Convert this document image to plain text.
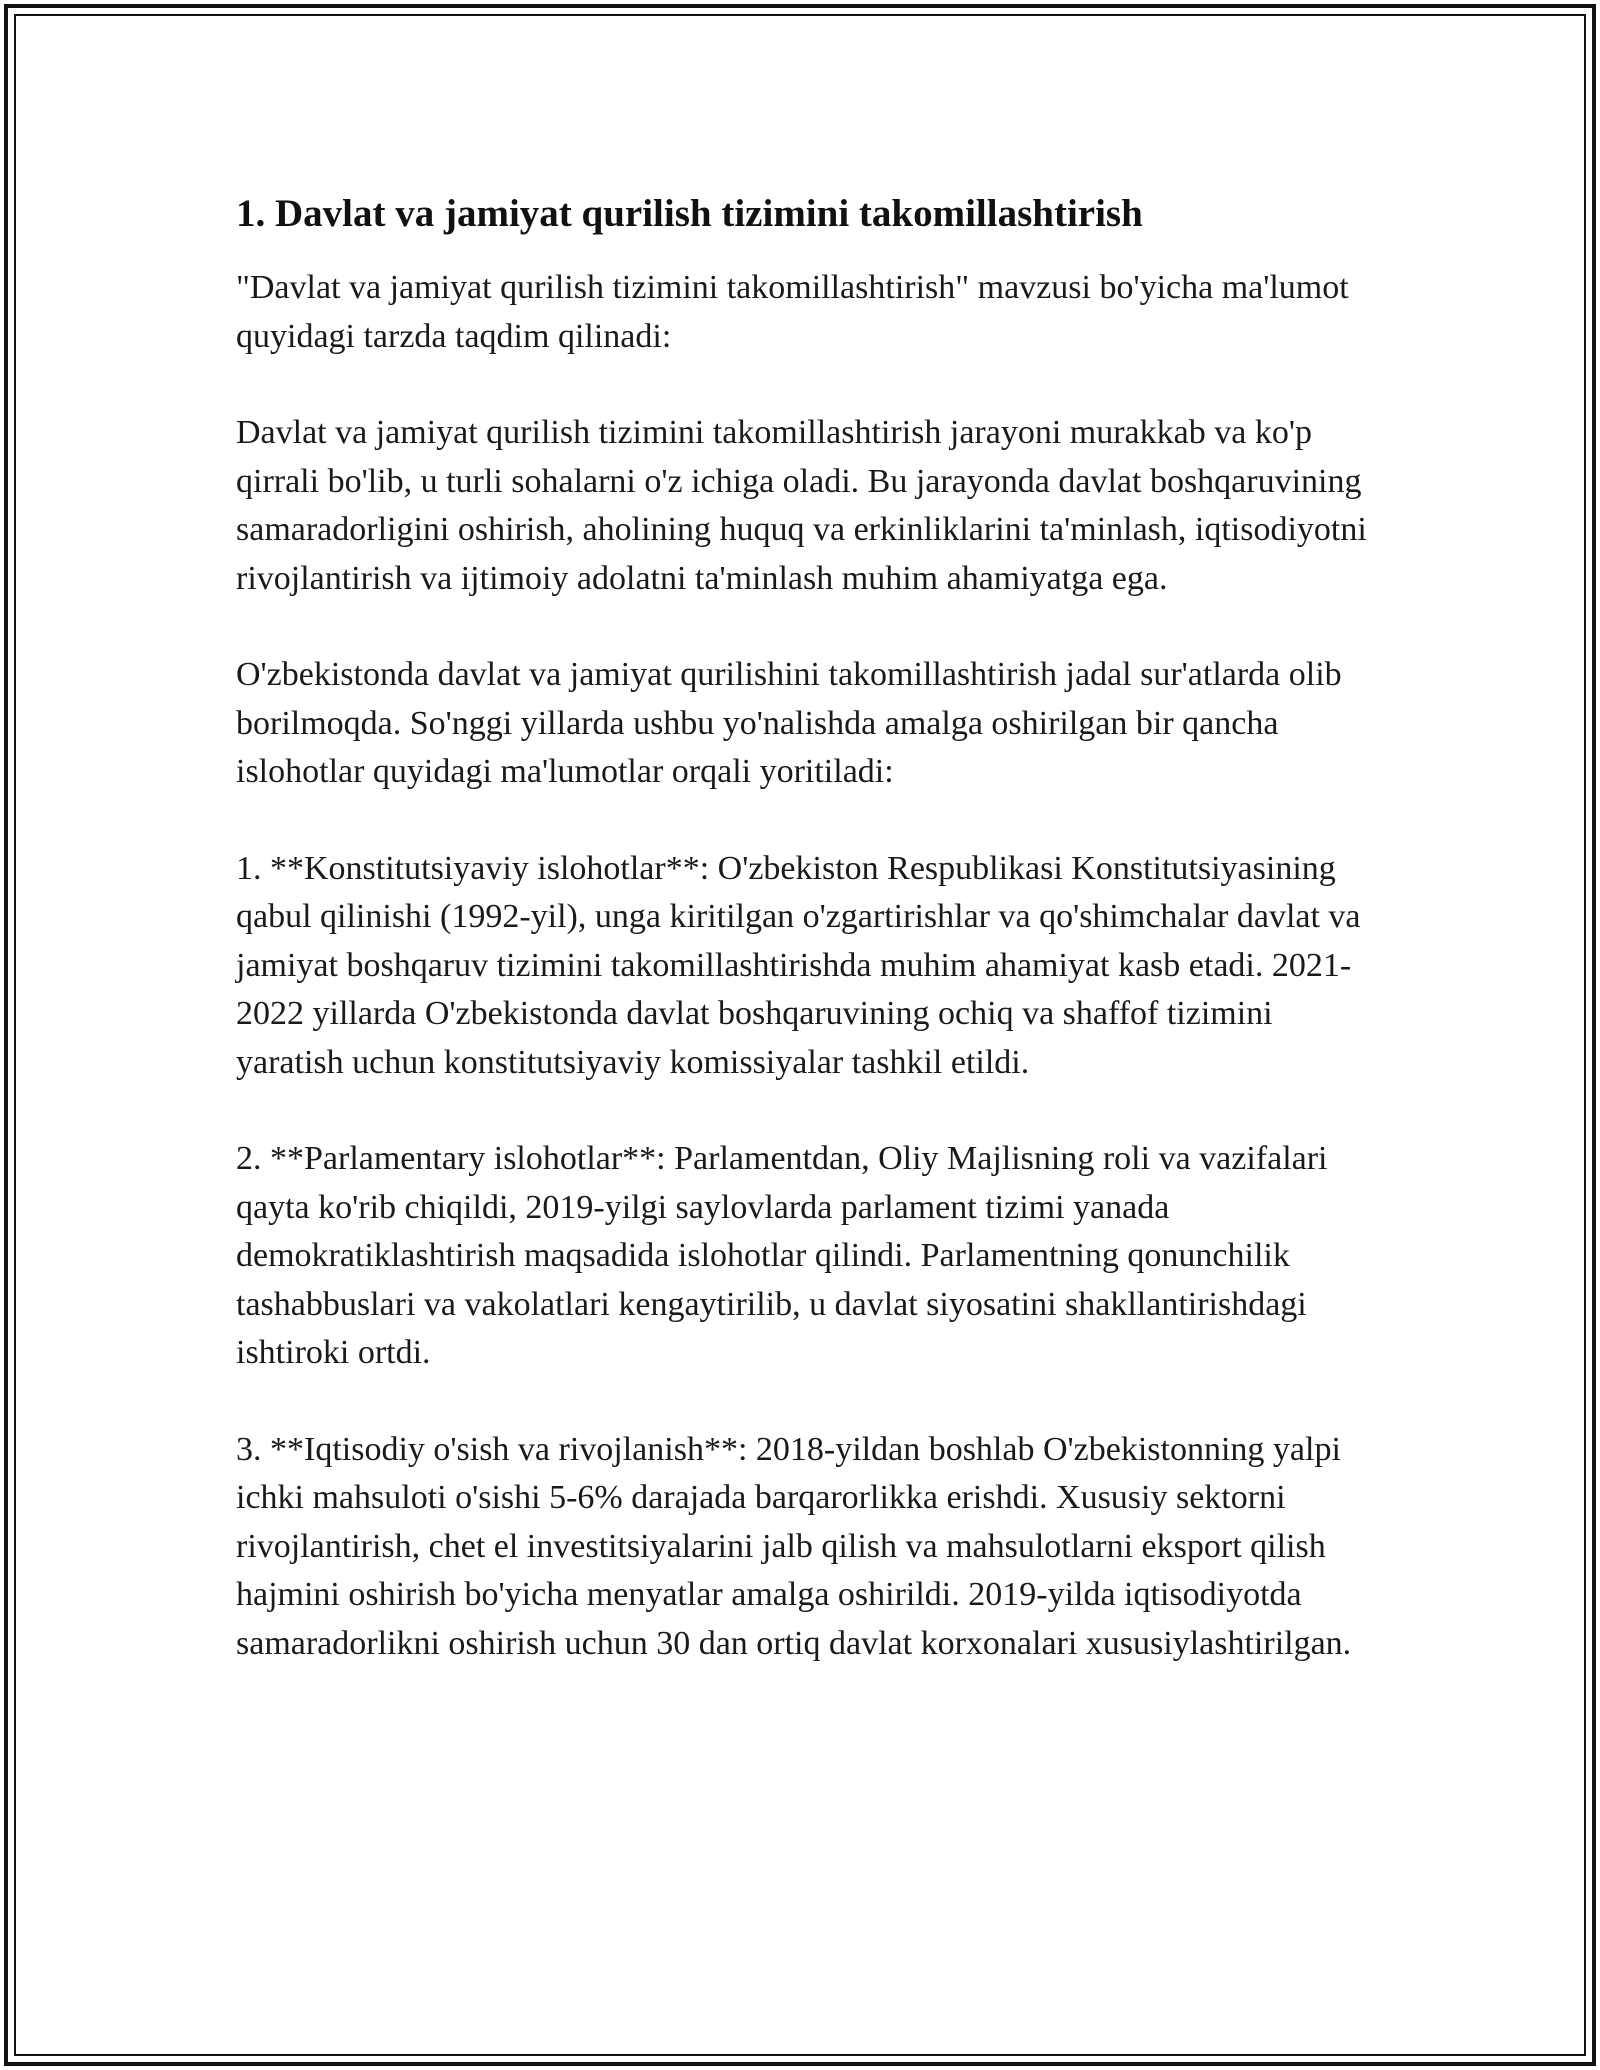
1. Davlat va jamiyat qurilish tizimini takomillashtirish

"Davlat va jamiyat qurilish tizimini takomillashtirish" mavzusi bo'yicha ma'lumot quyidagi tarzda taqdim qilinadi:

Davlat va jamiyat qurilish tizimini takomillashtirish jarayoni murakkab va ko'p qirrali bo'lib, u turli sohalarni o'z ichiga oladi. Bu jarayonda davlat boshqaruvining samaradorligini oshirish, aholining huquq va erkinliklarini ta'minlash, iqtisodiyotni rivojlantirish va ijtimoiy adolatni ta'minlash muhim ahamiyatga ega.

O'zbekistonda davlat va jamiyat qurilishini takomillashtirish jadal sur'atlarda olib borilmoqda. So'nggi yillarda ushbu yo'nalishda amalga oshirilgan bir qancha islohotlar quyidagi ma'lumotlar orqali yoritiladi:

1. **Konstitutsiyaviy islohotlar**: O'zbekiston Respublikasi Konstitutsiyasining qabul qilinishi (1992-yil), unga kiritilgan o'zgartirishlar va qo'shimchalar davlat va jamiyat boshqaruv tizimini takomillashtirishda muhim ahamiyat kasb etadi. 2021-2022 yillarda O'zbekistonda davlat boshqaruvining ochiq va shaffof tizimini yaratish uchun konstitutsiyaviy komissiyalar tashkil etildi.

2. **Parlamentary islohotlar**: Parlamentdan, Oliy Majlisning roli va vazifalari qayta ko'rib chiqildi, 2019-yilgi saylovlarda parlament tizimi yanada demokratiklashtirish maqsadida islohotlar qilindi. Parlamentning qonunchilik tashabbuslari va vakolatlari kengaytirilib, u davlat siyosatini shakllantirishdagi ishtiroki ortdi.

3. **Iqtisodiy o'sish va rivojlanish**: 2018-yildan boshlab O'zbekistonning yalpi ichki mahsuloti o'sishi 5-6% darajada barqarorlikka erishdi. Xususiy sektorni rivojlantirish, chet el investitsiyalarini jalb qilish va mahsulotlarni eksport qilish hajmini oshirish bo'yicha menyatlar amalga oshirildi. 2019-yilda iqtisodiyotda samaradorlikni oshirish uchun 30 dan ortiq davlat korxonalari xususiylashtirilgan.
